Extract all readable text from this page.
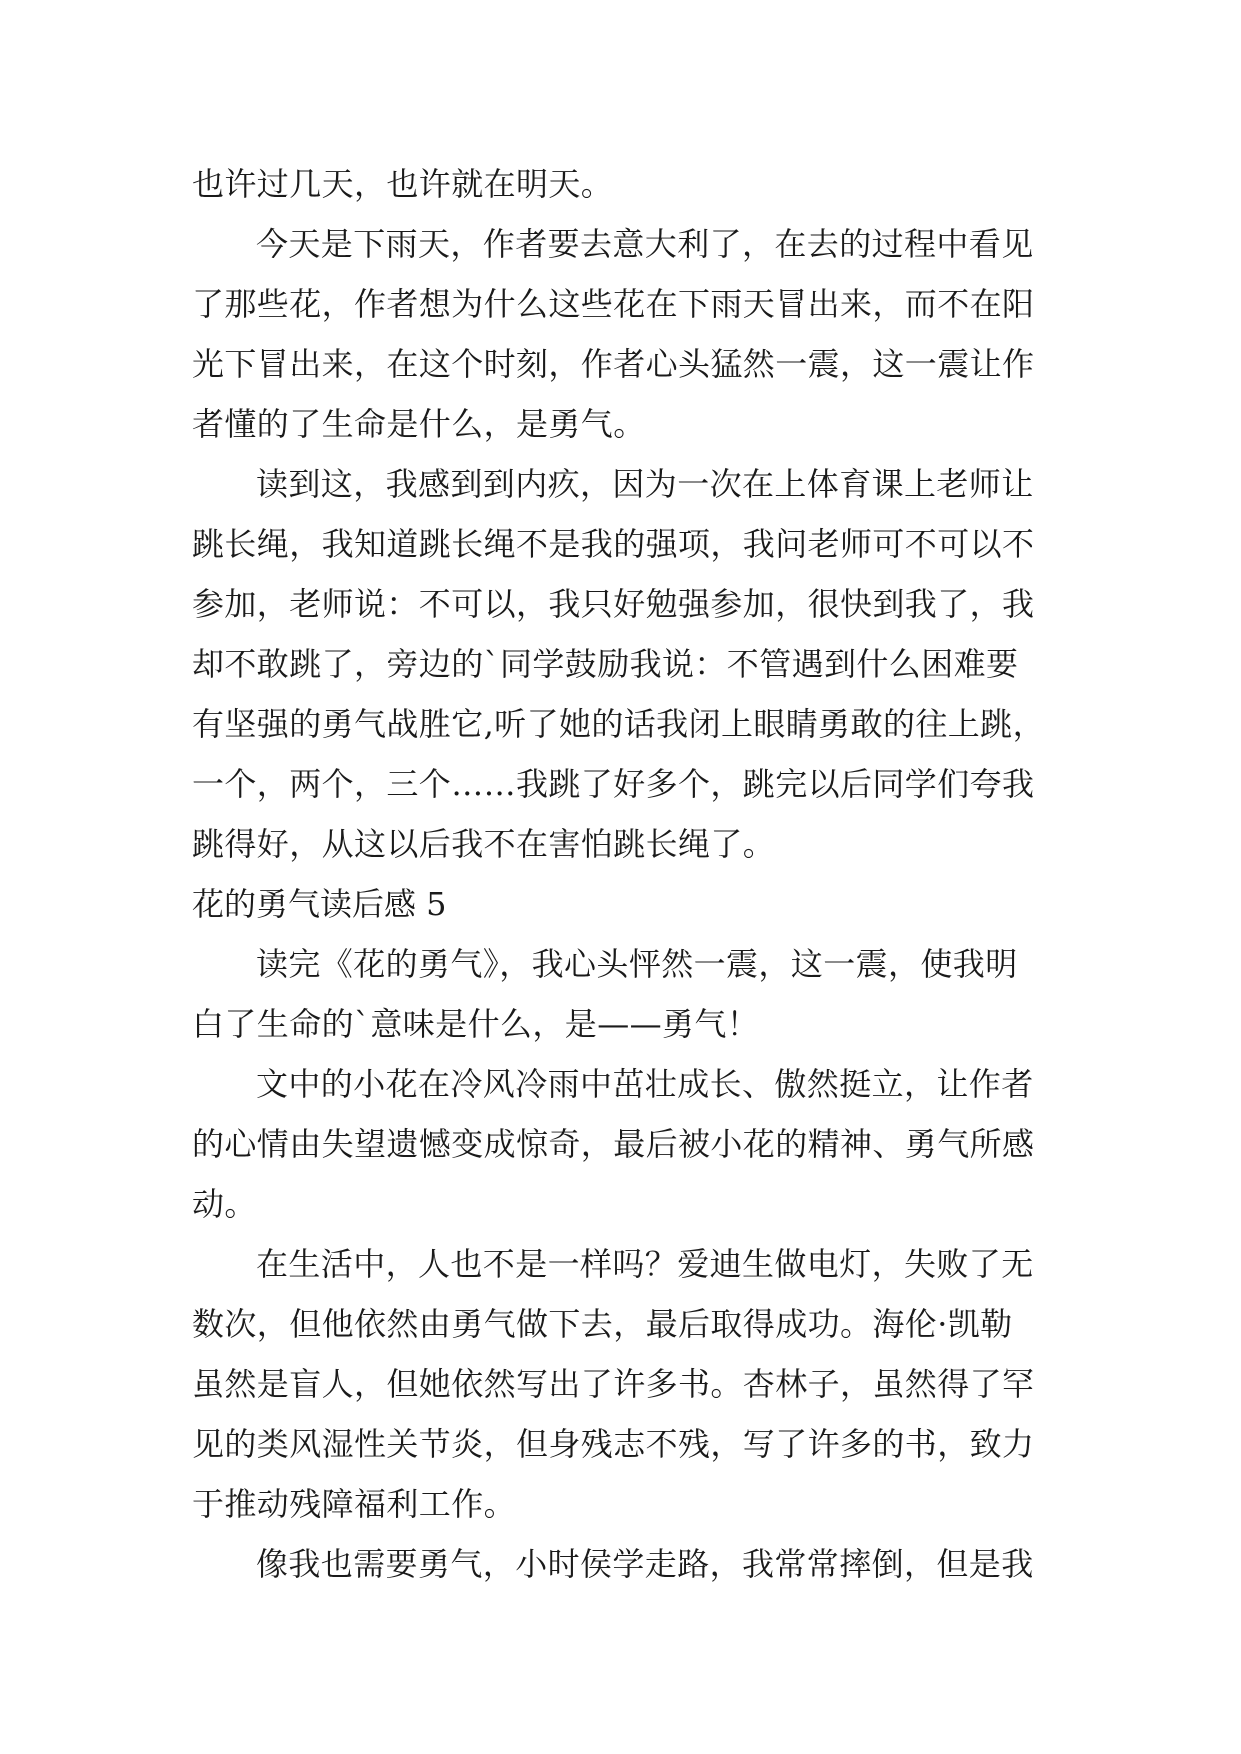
也许过几天，也许就在明天。

今天是下雨天，作者要去意大利了，在去的过程中看见

了那些花，作者想为什么这些花在下雨天冒出来，而不在阳

光下冒出来，在这个时刻，作者心头猛然一震，这一震让作

者懂的了生命是什么，是勇气。

读到这，我感到到内疚，因为一次在上体育课上老师让

跳长绳，我知道跳长绳不是我的强项，我问老师可不可以不

参加，老师说：不可以，我只好勉强参加，很快到我了，我

却不敢跳了，旁边的`同学鼓励我说：不管遇到什么困难要

有坚强的勇气战胜它,听了她的话我闭上眼睛勇敢的往上跳，

一个，两个，三个……我跳了好多个，跳完以后同学们夸我

跳得好，从这以后我不在害怕跳长绳了。

花的勇气读后感 5

读完《花的勇气》，我心头怦然一震，这一震，使我明

白了生命的`意味是什么，是——勇气！

文中的小花在冷风冷雨中茁壮成长、傲然挺立，让作者

的心情由失望遗憾变成惊奇，最后被小花的精神、勇气所感

动。

在生活中，人也不是一样吗？爱迪生做电灯，失败了无

数次，但他依然由勇气做下去，最后取得成功。海伦·凯勒

虽然是盲人，但她依然写出了许多书。杏林子，虽然得了罕

见的类风湿性关节炎，但身残志不残，写了许多的书，致力

于推动残障福利工作。

像我也需要勇气，小时侯学走路，我常常摔倒，但是我
